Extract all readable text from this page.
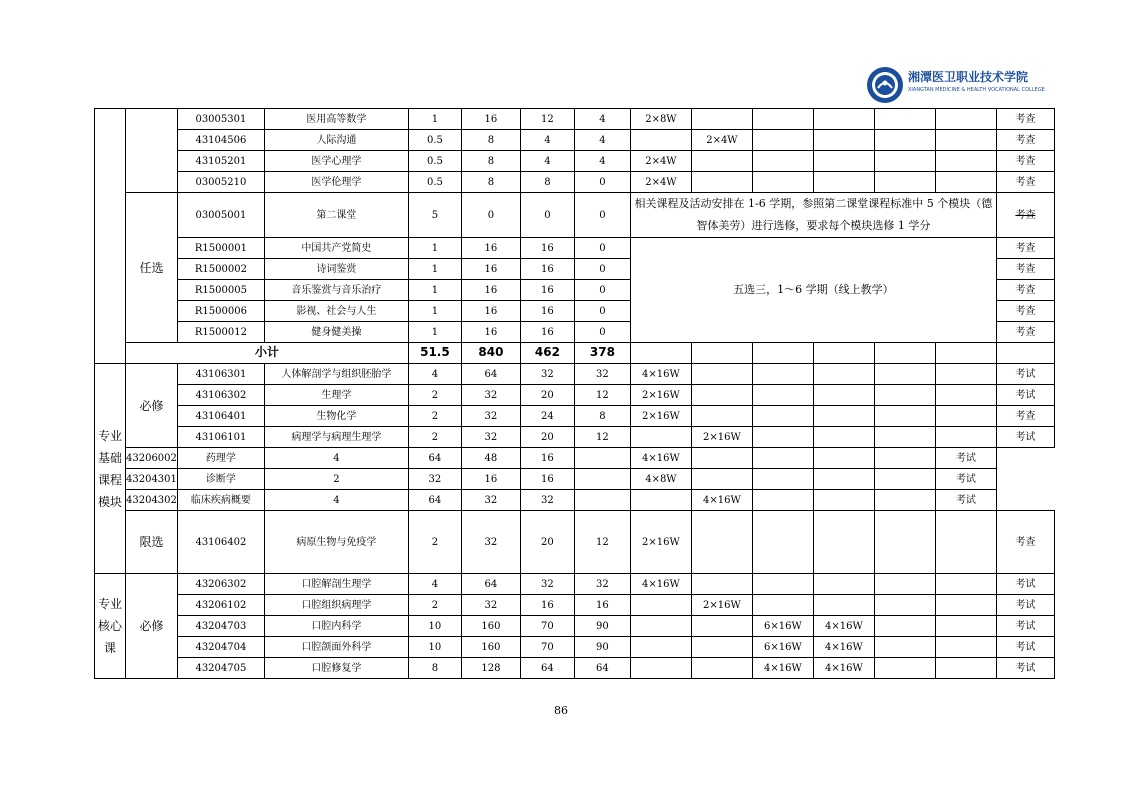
湘潭医卫职业技术学院
XIANGTAN MEDICINE & HEALTH VOCATIONAL COLLEGE
		03005301	医用高等数学	1	16	12	4	2×8W						考查
		43104506	人际沟通	0.5	8	4	4		2×4W					考查
		43105201	医学心理学	0.5	8	4	4	2×4W						考查
		03005210	医学伦理学	0.5	8	8	0	2×4W						考查
	任选	03005001	第二课堂	5	0	0	0	相关课程及活动安排在 1-6 学期，参照第二课堂课程标准中 5 个模块（德智体美劳）进行选修，要求每个模块选修 1 学分						考查
		R1500001	中国共产党简史	1	16	16	0	五选三，1～6 学期（线上教学）						考查
		R1500002	诗词鉴赏	1	16	16	0							考查
		R1500005	音乐鉴赏与音乐治疗	1	16	16	0							考查
		R1500006	影视、社会与人生	1	16	16	0							考查
		R1500012	健身健美操	1	16	16	0							考查
	小计			51.5	840	462	378							
专业基础课程模块	必修	43106301	人体解剖学与组织胚胎学	4	64	32	32	4×16W						考试
		43106302	生理学	2	32	20	12	2×16W						考试
		43106401	生物化学	2	32	24	8	2×16W						考查
		43106101	病理学与病理生理学	2	32	20	12		2×16W					考试
	43206002	药理学	4	64	48	16		4×16W					考试	
	43204301	诊断学	2	32	16	16		4×8W					考试	
	43204302	临床疾病概要	4	64	32	32			4×16W				考试	
	限选	43106402	病原生物与免疫学	2	32	20	12	2×16W						考查
专业核心课	必修	43206302	口腔解剖生理学	4	64	32	32	4×16W						考试
		43206102	口腔组织病理学	2	32	16	16		2×16W					考试
		43204703	口腔内科学	10	160	70	90			6×16W	4×16W			考试
		43204704	口腔颌面外科学	10	160	70	90			6×16W	4×16W			考试
		43204705	口腔修复学	8	128	64	64			4×16W	4×16W			考试
86
